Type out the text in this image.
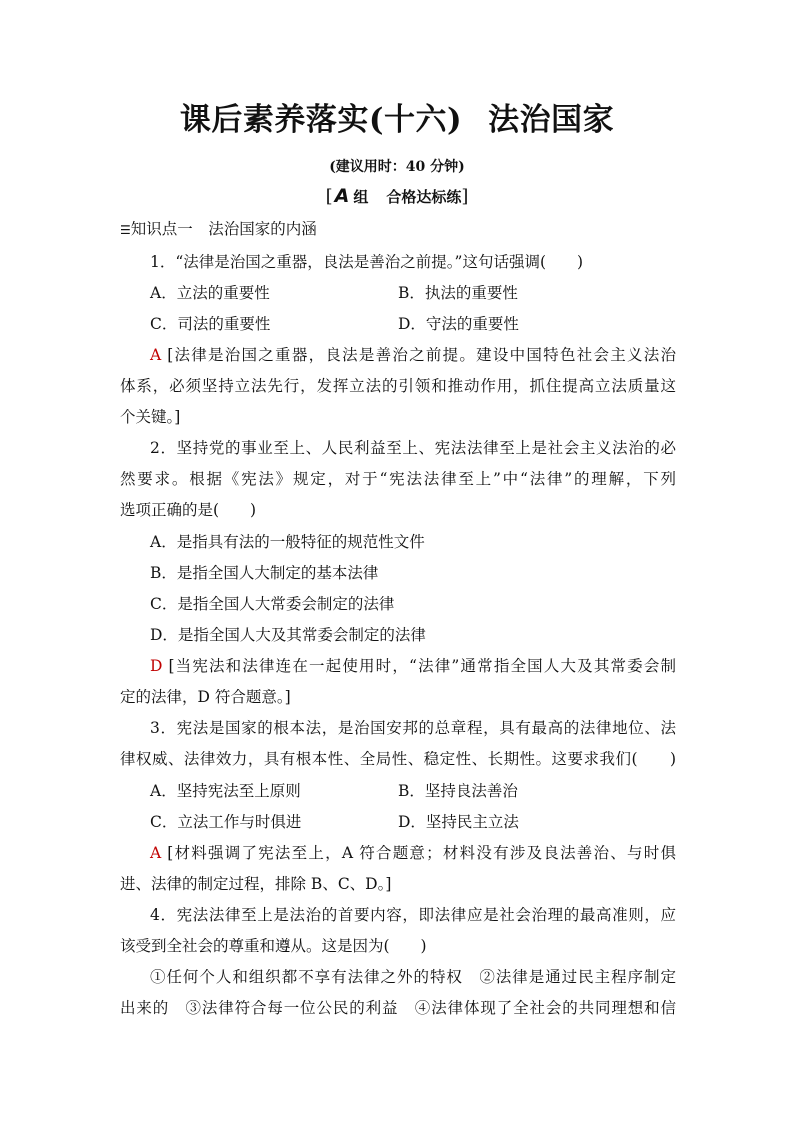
课后素养落实(十六) 法治国家
(建议用时：40 分钟)
[ A 组 合格达标练]
☰知识点一　法治国家的内涵
1．“法律是治国之重器，良法是善治之前提。”这句话强调(　　)
A．立法的重要性	B．执法的重要性
C．司法的重要性	D．守法的重要性
A [法律是治国之重器，良法是善治之前提。建设中国特色社会主义法治
体系，必须坚持立法先行，发挥立法的引领和推动作用，抓住提高立法质量这
个关键。]
2．坚持党的事业至上、人民利益至上、宪法法律至上是社会主义法治的必
然要求。根据《宪法》规定，对于“宪法法律至上”中“法律”的理解，下列
选项正确的是(　　)
A．是指具有法的一般特征的规范性文件
B．是指全国人大制定的基本法律
C．是指全国人大常委会制定的法律
D．是指全国人大及其常委会制定的法律
D [当宪法和法律连在一起使用时，“法律”通常指全国人大及其常委会制
定的法律，D 符合题意。]
3．宪法是国家的根本法，是治国安邦的总章程，具有最高的法律地位、法
律权威、法律效力，具有根本性、全局性、稳定性、长期性。这要求我们(　　)
A．坚持宪法至上原则	B．坚持良法善治
C．立法工作与时俱进	D．坚持民主立法
A [材料强调了宪法至上，A 符合题意；材料没有涉及良法善治、与时俱
进、法律的制定过程，排除 B、C、D。]
4．宪法法律至上是法治的首要内容，即法律应是社会治理的最高准则，应
该受到全社会的尊重和遵从。这是因为(　　)
①任何个人和组织都不享有法律之外的特权　②法律是通过民主程序制定
出来的　③法律符合每一位公民的利益　④法律体现了全社会的共同理想和信
